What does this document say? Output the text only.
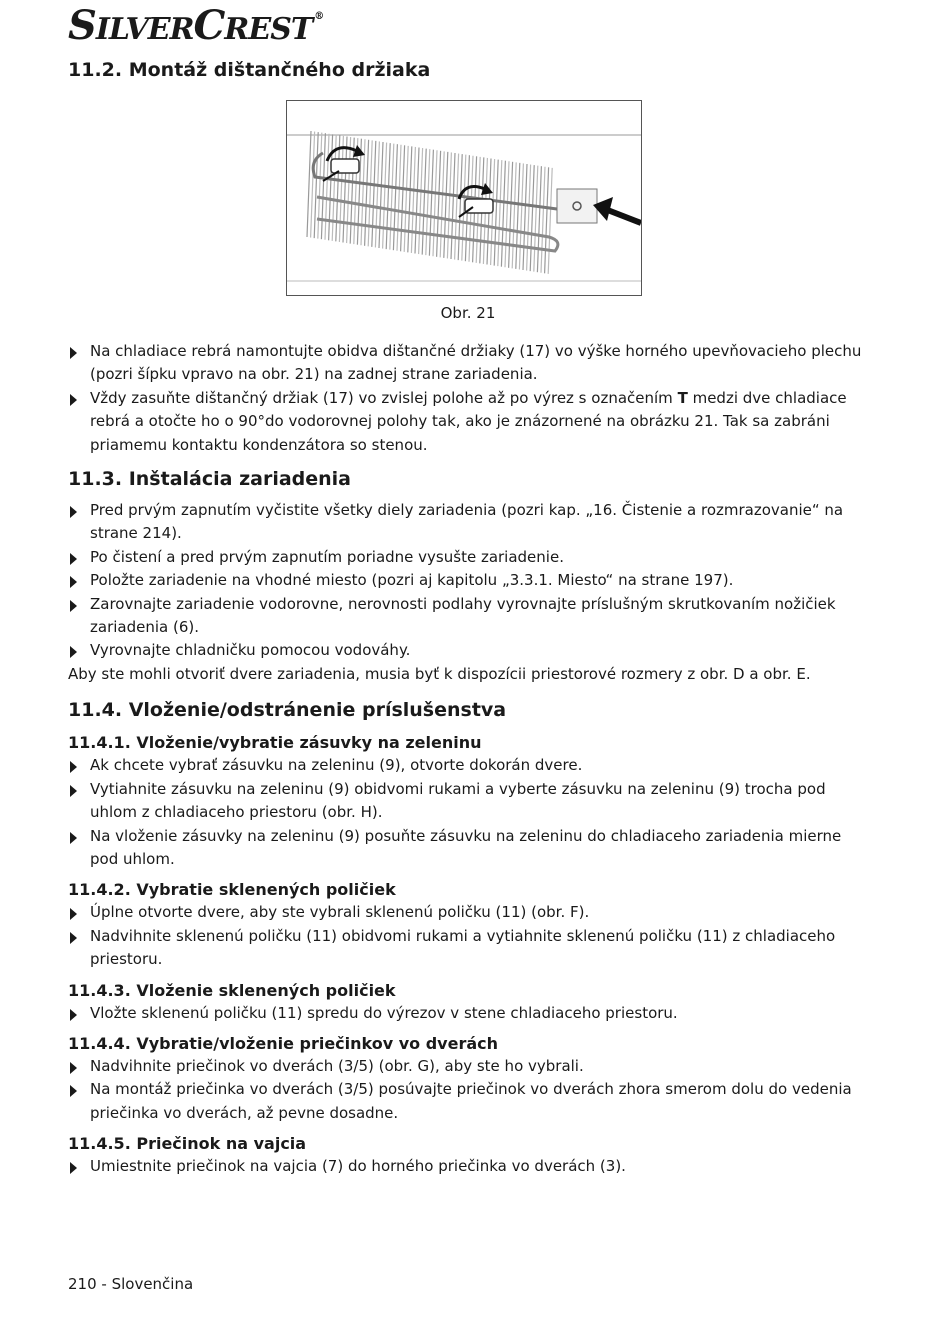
SILVERCREST ®
11.2. Montáž dištančného držiaka
Obr. 21
Na chladiace rebrá namontujte obidva dištančné držiaky (17) vo výške horného upevňovacieho plechu (pozri šípku vpravo na obr. 21) na zadnej strane zariadenia.
Vždy zasuňte dištančný držiak (17) vo zvislej polohe až po výrez s označením T medzi dve chladiace rebrá a otočte ho o 90°do vodorovnej polohy tak, ako je znázornené na obrázku 21. Tak sa zabráni priamemu kontaktu kondenzátora so stenou.
11.3. Inštalácia zariadenia
Pred prvým zapnutím vyčistite všetky diely zariadenia (pozri kap. „16. Čistenie a rozmrazovanie“ na strane 214).
Po čistení a pred prvým zapnutím poriadne vysušte zariadenie.
Položte zariadenie na vhodné miesto (pozri aj kapitolu „3.3.1. Miesto“ na strane 197).
Zarovnajte zariadenie vodorovne, nerovnosti podlahy vyrovnajte príslušným skrutkovaním nožičiek zariadenia (6).
Vyrovnajte chladničku pomocou vodováhy.

Aby ste mohli otvoriť dvere zariadenia, musia byť k dispozícii priestorové rozmery z obr. D a obr. E.

11.4. Vloženie/odstránenie príslušenstva
11.4.1. Vloženie/vybratie zásuvky na zeleninu
Ak chcete vybrať zásuvku na zeleninu (9), otvorte dokorán dvere.
Vytiahnite zásuvku na zeleninu (9) obidvomi rukami a vyberte zásuvku na zeleninu (9) trocha pod uhlom z chladiaceho priestoru (obr. H).
Na vloženie zásuvky na zeleninu (9) posuňte zásuvku na zeleninu do chladiaceho zariadenia mierne pod uhlom.
11.4.2. Vybratie sklenených poličiek
Úplne otvorte dvere, aby ste vybrali sklenenú poličku (11) (obr. F).
Nadvihnite sklenenú poličku (11) obidvomi rukami a vytiahnite sklenenú poličku (11) z chladiaceho priestoru.
11.4.3. Vloženie sklenených poličiek
Vložte sklenenú poličku (11) spredu do výrezov v stene chladiaceho priestoru.
11.4.4. Vybratie/vloženie priečinkov vo dverách
Nadvihnite priečinok vo dverách (3/5) (obr. G), aby ste ho vybrali.
Na montáž priečinka vo dverách (3/5) posúvajte priečinok vo dverách zhora smerom dolu do vedenia priečinka vo dverách, až pevne dosadne.
11.4.5. Priečinok na vajcia
Umiestnite priečinok na vajcia (7) do horného priečinka vo dverách (3).
210 - Slovenčina
